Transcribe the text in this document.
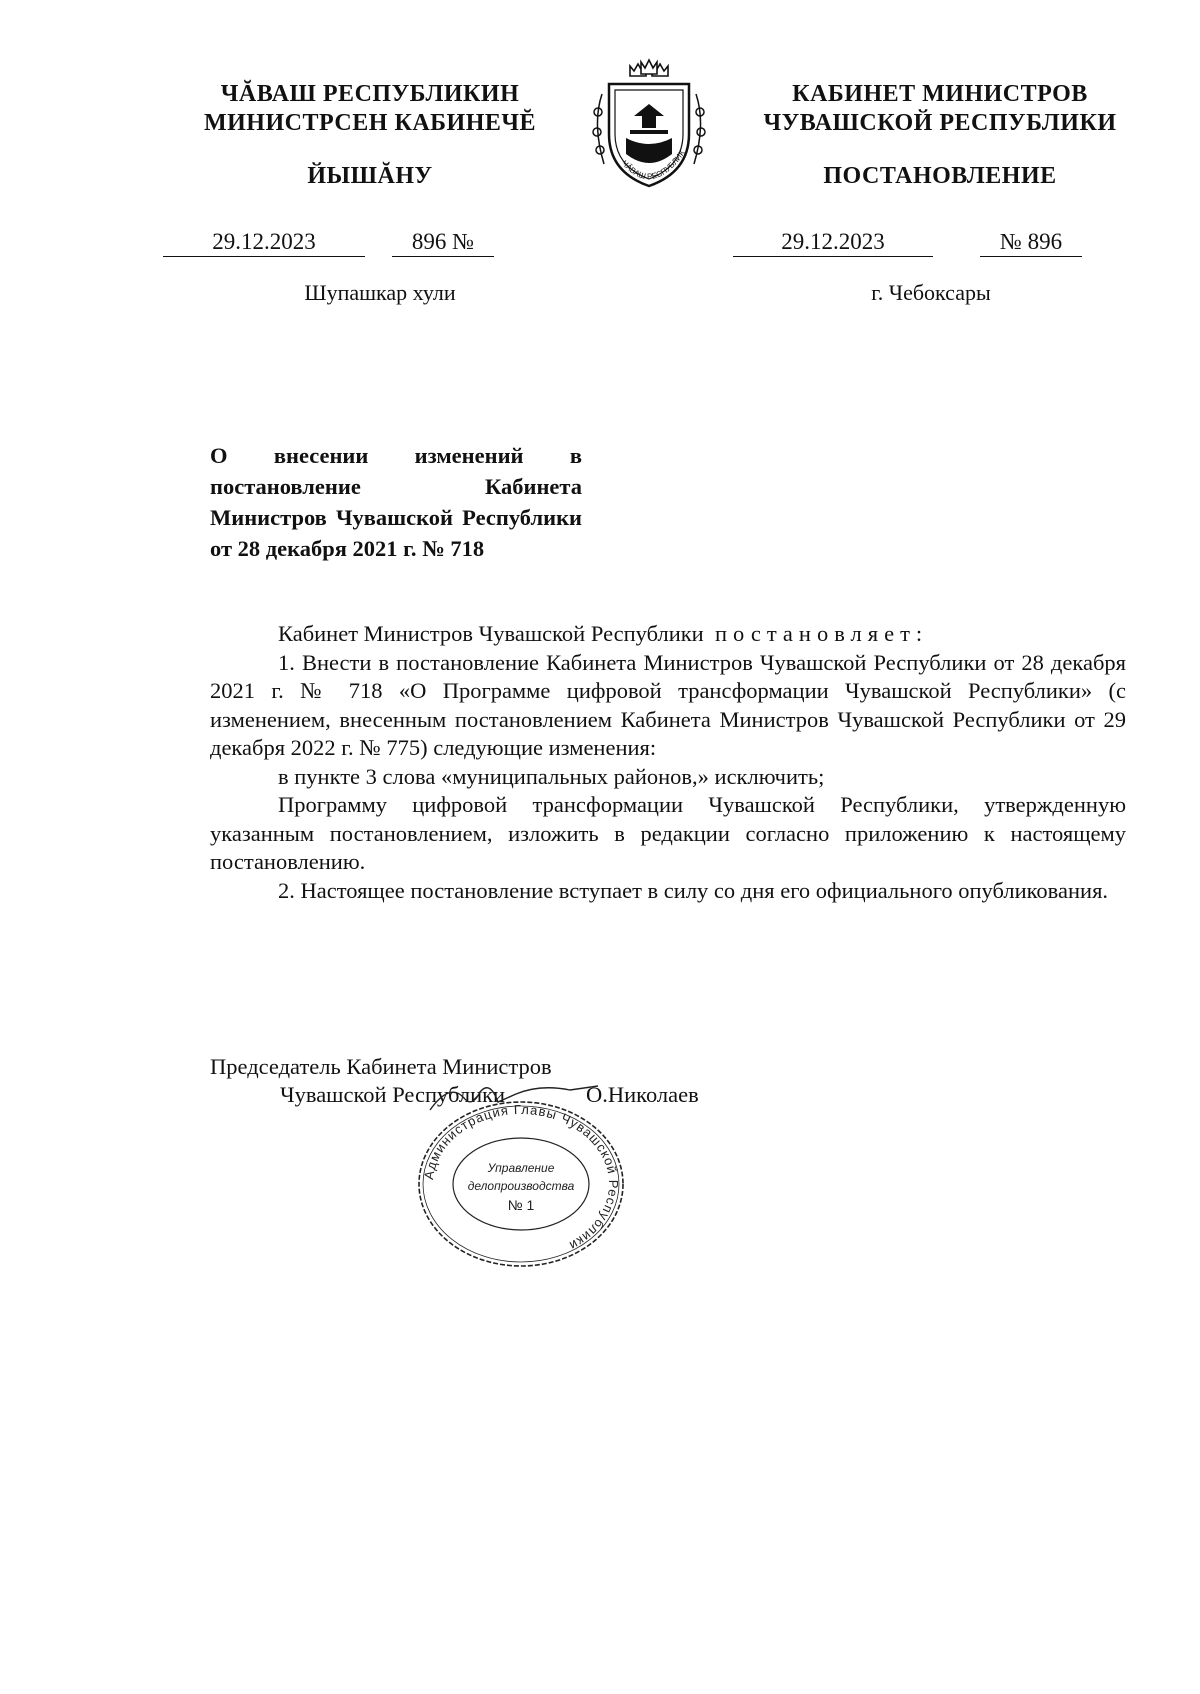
ЧĂВАШ РЕСПУБЛИКИН
МИНИСТРСЕН КАБИНЕЧĔ
ЙЫШĂНУ
29.12.2023	896 №
Шупашкар хули
ЧĂВАШ РЕСПУБЛИК
КАБИНЕТ МИНИСТРОВ
ЧУВАШСКОЙ РЕСПУБЛИКИ
ПОСТАНОВЛЕНИЕ
29.12.2023	№ 896
г. Чебоксары
О внесении изменений в постановление Кабинета Министров Чувашской Республики от 28 декабря 2021 г. № 718

Кабинет Министров Чувашской Республики постановляет:

1. Внести в постановление Кабинета Министров Чувашской Республики от 28 декабря 2021 г. № 718 «О Программе цифровой трансформации Чувашской Республики» (с изменением, внесенным постановлением Кабинета Министров Чувашской Республики от 29 декабря 2022 г. № 775) следующие изменения:

в пункте 3 слова «муниципальных районов,» исключить;

Программу цифровой трансформации Чувашской Республики, утвержденную указанным постановлением, изложить в редакции согласно приложению к настоящему постановлению.

2. Настоящее постановление вступает в силу со дня его официального опубликования.

Председатель Кабинета Министров
Чувашской Республики	О.Николаев
Администрация Главы Чувашской Республики
Управление
делопроизводства
№ 1
